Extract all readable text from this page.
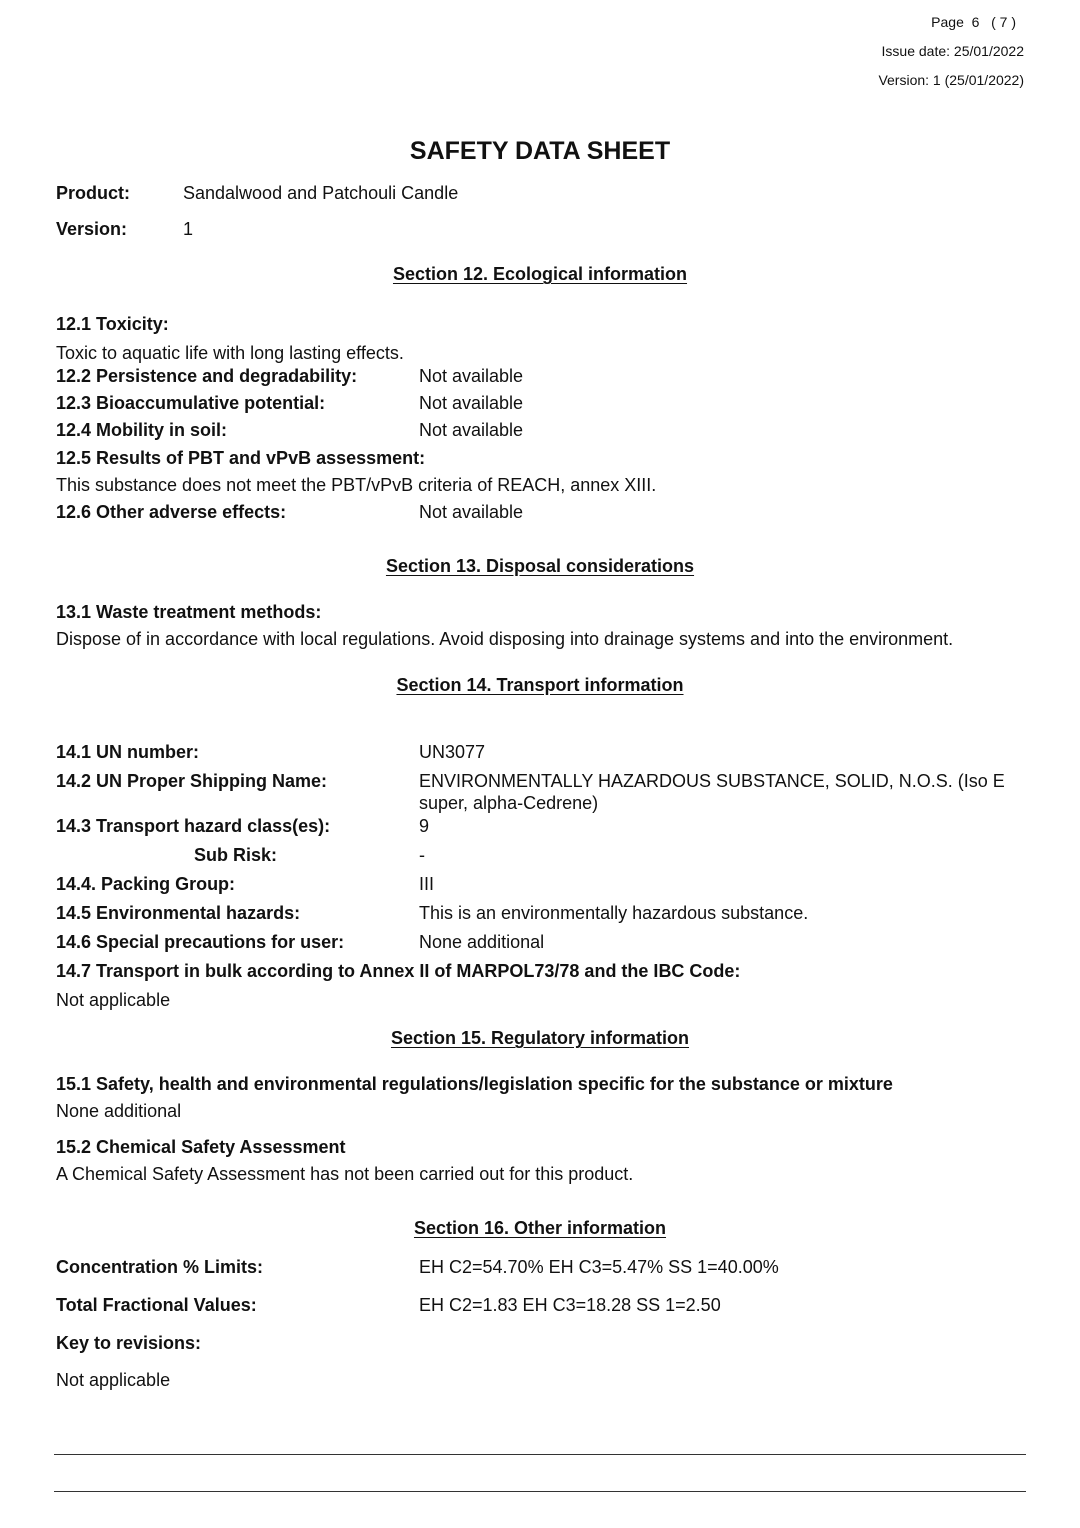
Page 6 ( 7 )
Issue date: 25/01/2022
Version: 1 (25/01/2022)
SAFETY DATA SHEET
Product:	Sandalwood and Patchouli Candle
Version:	1
Section 12. Ecological information
12.1 Toxicity:
Toxic to aquatic life with long lasting effects.
12.2 Persistence and degradability:	Not available
12.3 Bioaccumulative potential:	Not available
12.4 Mobility in soil:	Not available
12.5 Results of PBT and vPvB assessment:
This substance does not meet the PBT/vPvB criteria of REACH, annex XIII.
12.6 Other adverse effects:	Not available
Section 13. Disposal considerations
13.1 Waste treatment methods:
Dispose of in accordance with local regulations. Avoid disposing into drainage systems and into the environment.
Section 14. Transport information
14.1 UN number:	UN3077
14.2 UN Proper Shipping Name:	ENVIRONMENTALLY HAZARDOUS SUBSTANCE, SOLID, N.O.S. (Iso E super, alpha-Cedrene)
14.3 Transport hazard class(es):	9
Sub Risk:	-
14.4. Packing Group:	III
14.5 Environmental hazards:	This is an environmentally hazardous substance.
14.6 Special precautions for user:	None additional
14.7 Transport in bulk according to Annex II of MARPOL73/78 and the IBC Code:
Not applicable
Section 15. Regulatory information
15.1 Safety, health and environmental regulations/legislation specific for the substance or mixture
None additional
15.2 Chemical Safety Assessment
A Chemical Safety Assessment has not been carried out for this product.
Section 16. Other information
Concentration % Limits:	EH C2=54.70% EH C3=5.47% SS 1=40.00%
Total Fractional Values:	EH C2=1.83 EH C3=18.28 SS 1=2.50
Key to revisions:
Not applicable
